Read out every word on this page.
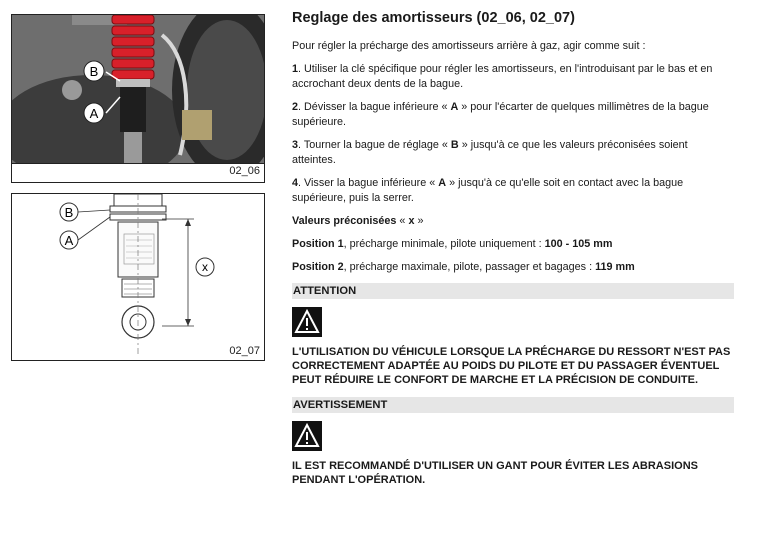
B
A
02_06
B
A
x
02_07
Reglage des amortisseurs (02_06, 02_07)

Pour régler la précharge des amortisseurs arrière à gaz, agir comme suit :

1. Utiliser la clé spécifique pour régler les amortisseurs, en l'introduisant par le bas et en accrochant deux dents de la bague.

2. Dévisser la bague inférieure « A » pour l'écarter de quelques millimètres de la bague supérieure.

3. Tourner la bague de réglage « B » jusqu'à ce que les valeurs préconisées soient atteintes.

4. Visser la bague inférieure « A » jusqu'à ce qu'elle soit en contact avec la bague supérieure, puis la serrer.

Valeurs préconisées « x »

Position 1, précharge minimale, pilote uniquement : 100 - 105 mm

Position 2, précharge maximale, pilote, passager et bagages : 119 mm

ATTENTION

L'UTILISATION DU VÉHICULE LORSQUE LA PRÉCHARGE DU RESSORT N'EST PAS CORRECTEMENT ADAPTÉE AU POIDS DU PILOTE ET DU PASSAGER ÉVENTUEL PEUT RÉDUIRE LE CONFORT DE MARCHE ET LA PRÉCISION DE CONDUITE.

AVERTISSEMENT

IL EST RECOMMANDÉ D'UTILISER UN GANT POUR ÉVITER LES ABRASIONS PENDANT L'OPÉRATION.
